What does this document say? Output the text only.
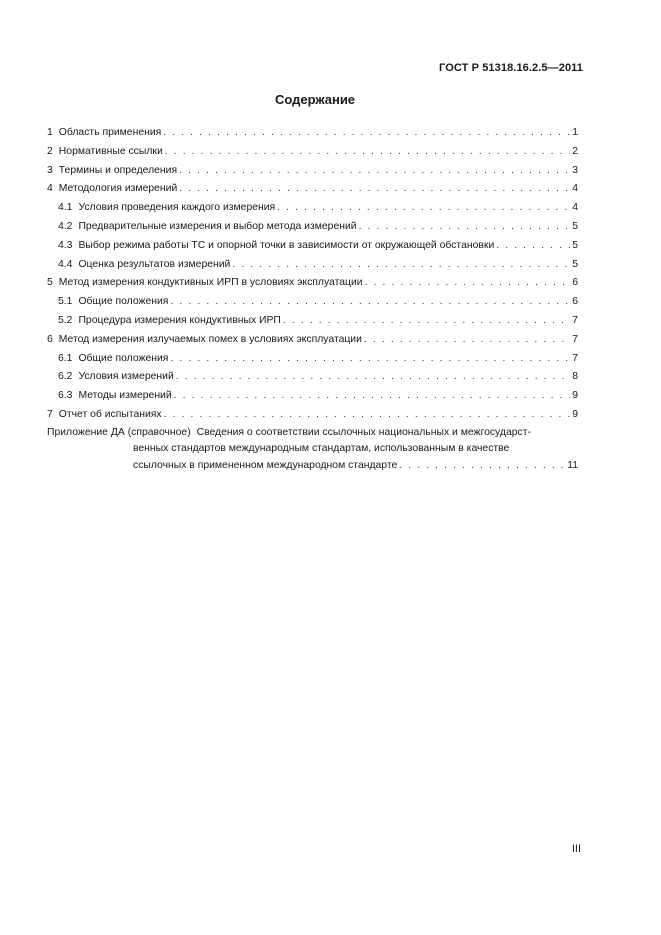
ГОСТ Р 51318.16.2.5—2011
Содержание
1 Область применения . . .	1
2 Нормативные ссылки . . .	2
3 Термины и определения . . .	3
4 Методология измерений . . .	4
4.1 Условия проведения каждого измерения . . .	4
4.2 Предварительные измерения и выбор метода измерений . . .	5
4.3 Выбор режима работы ТС и опорной точки в зависимости от окружающей обстановки . . .	5
4.4 Оценка результатов измерений . . .	5
5 Метод измерения кондуктивных ИРП в условиях эксплуатации . . .	6
5.1 Общие положения . . .	6
5.2 Процедура измерения кондуктивных ИРП . . .	7
6 Метод измерения излучаемых помех в условиях эксплуатации . . .	7
6.1 Общие положения . . .	7
6.2 Условия измерений . . .	8
6.3 Методы измерений . . .	9
7 Отчет об испытаниях . . .	9
Приложение ДА (справочное) Сведения о соответствии ссылочных национальных и межгосударст-
венных стандартов международным стандартам, использованным в качестве
ссылочных в примененном международном стандарте . . .	11
III
